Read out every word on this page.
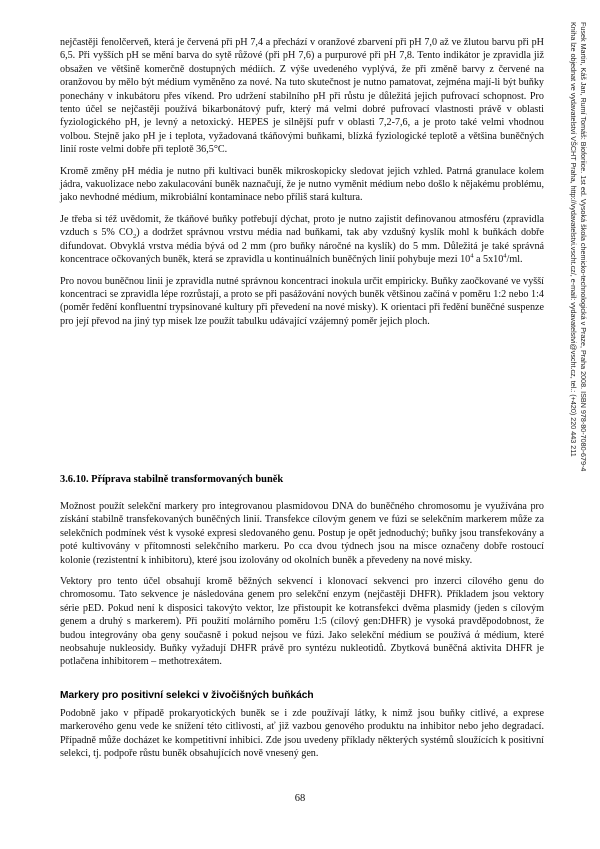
nejčastěji fenolčerveň, která je červená při pH 7,4 a přechází v oranžové zbarvení při pH 7,0 až ve žlutou barvu při pH 6,5. Při vyšších pH se mění barva do sytě růžové (při pH 7,6) a purpurové při pH 7,8. Tento indikátor je zpravidla již obsažen ve většině komerčně dostupných médiích. Z výše uvedeného vyplývá, že při změně barvy z červené na oranžovou by mělo být médium vyměněno za nové. Na tuto skutečnost je nutno pamatovat, zejména mají-li být buňky ponechány v inkubátoru přes víkend. Pro udržení stabilního pH při růstu je důležitá jejich pufrovací schopnost. Pro tento účel se nejčastěji používá bikarbonátový pufr, který má velmi dobré pufrovací vlastnosti právě v oblasti fyziologického pH, je levný a netoxický. HEPES je silnější pufr v oblasti 7,2-7,6, a je proto také velmi vhodnou volbou. Stejně jako pH je i teplota, vyžadovaná tkáňovými buňkami, blízká fyziologické teplotě a většina buněčných linií roste velmi dobře při teplotě 36,5°C.

Kromě změny pH média je nutno při kultivaci buněk mikroskopicky sledovat jejich vzhled. Patrná granulace kolem jádra, vakuolizace nebo zakulacování buněk naznačují, že je nutno vyměnit médium nebo došlo k nějakému problému, jako nevhodné médium, mikrobiální kontaminace nebo příliš stará kultura.

Je třeba si též uvědomit, že tkáňové buňky potřebují dýchat, proto je nutno zajistit definovanou atmosféru (zpravidla vzduch s 5% $CO_2$) a dodržet správnou vrstvu média nad buňkami, tak aby vzdušný kyslík mohl k buňkách dobře difundovat. Obvyklá vrstva média bývá od 2 mm (pro buňky náročné na kyslík) do 5 mm. Důležitá je také správná koncentrace očkovaných buněk, která se zpravidla u kontinuálních buněčných linií pohybuje mezi $10^4$ a $5x10^4/ml$.

Pro novou buněčnou linii je zpravidla nutné správnou koncentraci inokula určit empiricky. Buňky zaočkované ve vyšší koncentraci se zpravidla lépe rozrůstají, a proto se při pasážování nových buněk většinou začíná v poměru 1:2 nebo 1:4 (poměr ředění konfluentní trypsinované kultury při převedení na nové misky). K orientaci při ředění buněčné suspenze pro její převod na jiný typ misek lze použít tabulku udávající vzájemný poměr jejich ploch.

3.6.10. Příprava stabilně transformovaných buněk

Možnost použít selekční markery pro integrovanou plasmidovou DNA do buněčného chromosomu je využívána pro získání stabilně transfekovaných buněčných linií. Transfekce cílovým genem ve fúzi se selekčním markerem může za selekčních podmínek vést k vysoké expresi sledovaného genu. Postup je opět jednoduchý; buňky jsou transfekovány a poté kultivovány v přítomnosti selekčního markeru. Po cca dvou týdnech jsou na misce označeny dobře rostoucí kolonie (rezistentní k inhibitoru), které jsou izolovány od okolních buněk a převedeny na nové misky.

Vektory pro tento účel obsahují kromě běžných sekvencí i klonovací sekvenci pro inzerci cílového genu do chromosomu. Tato sekvence je následována genem pro selekční enzym (nejčastěji DHFR). Příkladem jsou vektory série pED. Pokud není k disposici takovýto vektor, lze přistoupit ke kotransfekci dvěma plasmidy (jeden s cílovým genem a druhý s markerem). Při použití molárního poměru 1:5 (cílový gen:DHFR) je vysoká pravděpodobnost, že budou integrovány oba geny současně i pokud nejsou ve fúzi. Jako selekční médium se používá ά médium, které neobsahuje nukleosidy. Buňky vyžadují DHFR právě pro syntézu nukleotidů. Zbytková buněčná aktivita DHFR je potlačena inhibitorem – methotrexátem.

Markery pro positivní selekci v živočišných buňkách

Podobně jako v případě prokaryotických buněk se i zde používají látky, k nimž jsou buňky citlivé, a exprese markerového genu vede ke snížení této citlivosti, ať již vazbou genového produktu na inhibitor nebo jeho degradací. Případně může docházet ke kompetitivní inhibici. Zde jsou uvedeny příklady některých systémů sloužících k positivní selekci, tj. podpoře růstu buněk obsahujících nově vnesený gen.

68
Fusek Martin, Káš Jan, Rumí Tomáš: Bioforiice. 1st ed. Vysoká škola chemicko-technologická v Praze, Praha 2008. ISBN 978-80-7080-679-4
Kniha lze objednat ve vydavatelství VŠCHT Praha, http://vydavatelstvi.vscht.cz/, e-mail: vydavatelstvi@vscht.cz, tel.: (+420) 220 443 211
